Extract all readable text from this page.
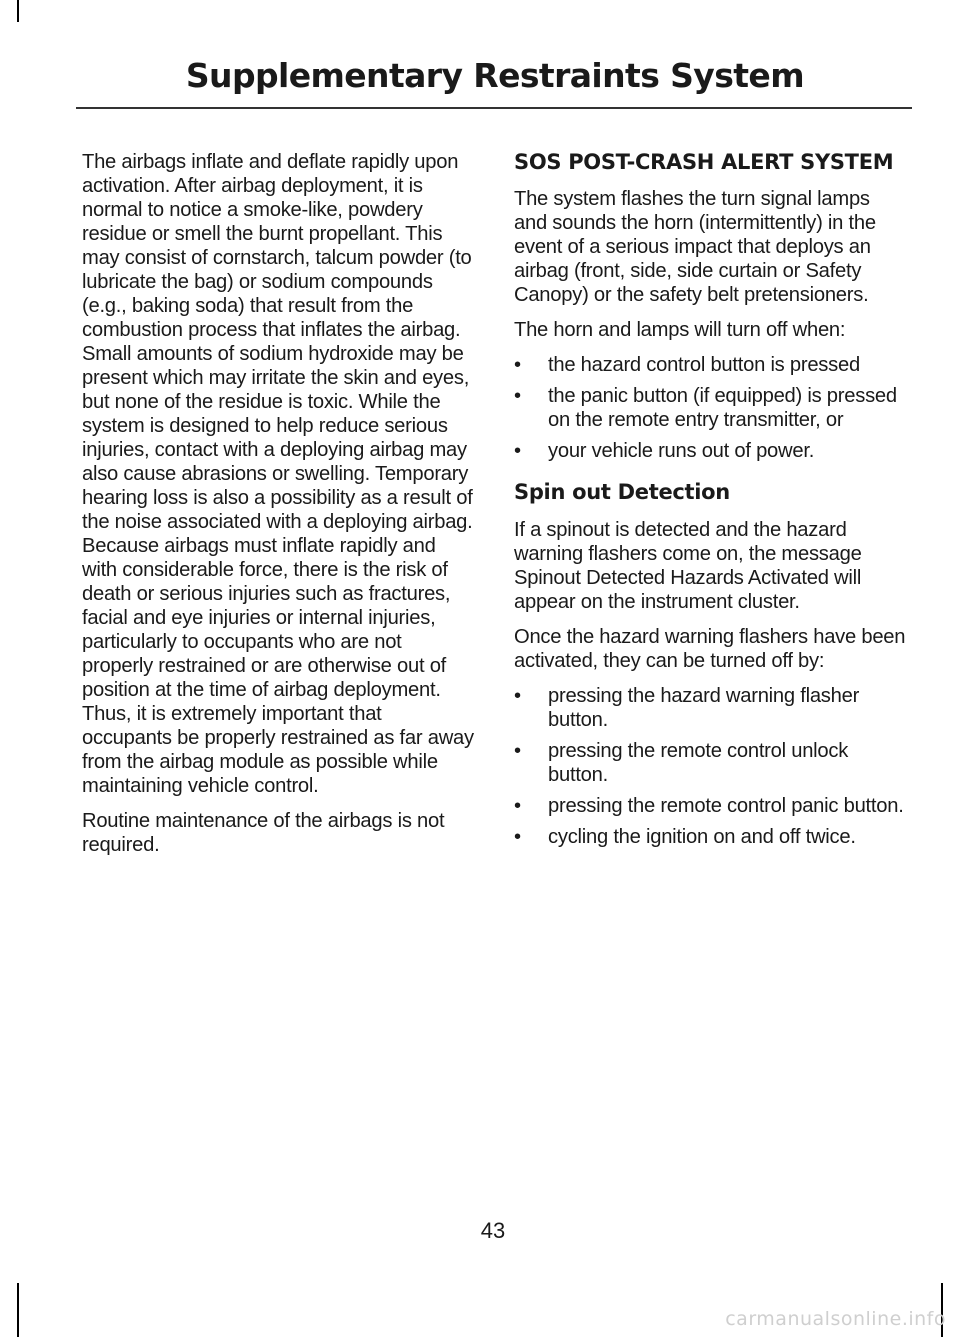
Supplementary Restraints System

The airbags inflate and deflate rapidly upon activation. After airbag deployment, it is normal to notice a smoke-like, powdery residue or smell the burnt propellant. This may consist of cornstarch, talcum powder (to lubricate the bag) or sodium compounds (e.g., baking soda) that result from the combustion process that inflates the airbag. Small amounts of sodium hydroxide may be present which may irritate the skin and eyes, but none of the residue is toxic. While the system is designed to help reduce serious injuries, contact with a deploying airbag may also cause abrasions or swelling. Temporary hearing loss is also a possibility as a result of the noise associated with a deploying airbag. Because airbags must inflate rapidly and with considerable force, there is the risk of death or serious injuries such as fractures, facial and eye injuries or internal injuries, particularly to occupants who are not properly restrained or are otherwise out of position at the time of airbag deployment. Thus, it is extremely important that occupants be properly restrained as far away from the airbag module as possible while maintaining vehicle control.

Routine maintenance of the airbags is not required.

SOS POST-CRASH ALERT SYSTEM

The system flashes the turn signal lamps and sounds the horn (intermittently) in the event of a serious impact that deploys an airbag (front, side, side curtain or Safety Canopy) or the safety belt pretensioners.

The horn and lamps will turn off when:

• the hazard control button is pressed
• the panic button (if equipped) is pressed on the remote entry transmitter, or
• your vehicle runs out of power.
Spin out Detection

If a spinout is detected and the hazard warning flashers come on, the message Spinout Detected Hazards Activated will appear on the instrument cluster.

Once the hazard warning flashers have been activated, they can be turned off by:

• pressing the hazard warning flasher button.
• pressing the remote control unlock button.
• pressing the remote control panic button.
• cycling the ignition on and off twice.
43
carmanualsonline.info
